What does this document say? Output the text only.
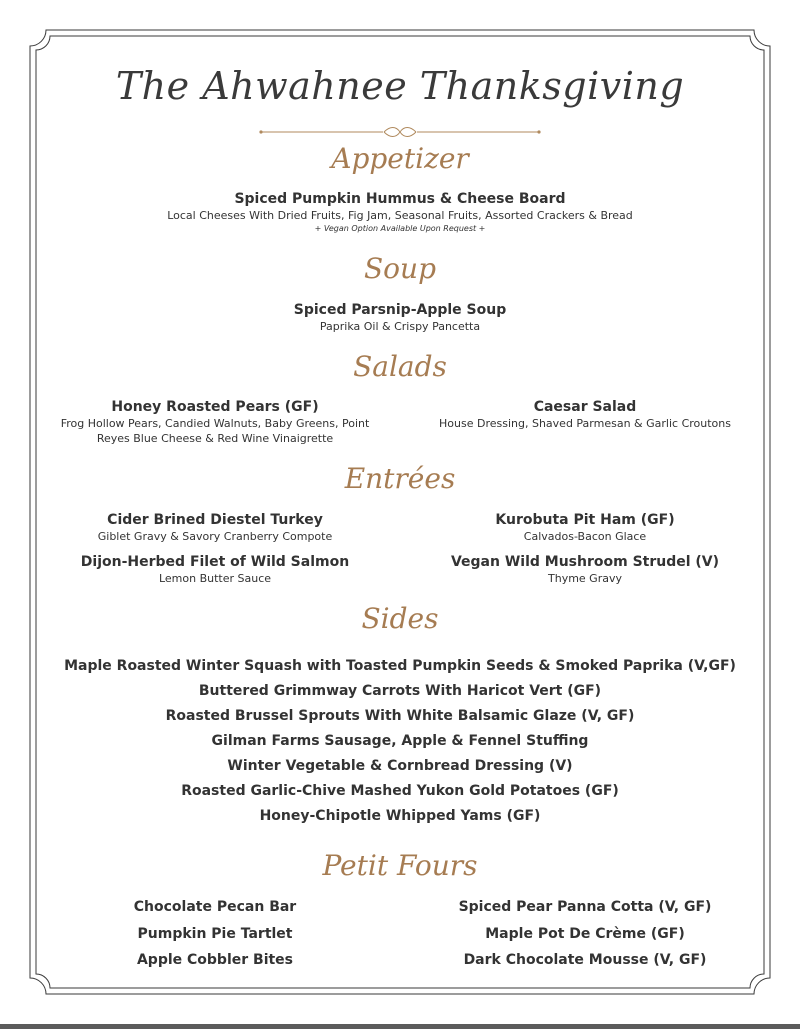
The Ahwahnee Thanksgiving
Appetizer
Spiced Pumpkin Hummus & Cheese Board
Local Cheeses With Dried Fruits, Fig Jam, Seasonal Fruits, Assorted Crackers & Bread
+ Vegan Option Available Upon Request +
Soup
Spiced Parsnip-Apple Soup
Paprika Oil & Crispy Pancetta
Salads
Honey Roasted Pears (GF)
Frog Hollow Pears, Candied Walnuts, Baby Greens, Point
Reyes Blue Cheese & Red Wine Vinaigrette
Caesar Salad
House Dressing, Shaved Parmesan & Garlic Croutons
Entrées
Cider Brined Diestel Turkey
Giblet Gravy & Savory Cranberry Compote
Kurobuta Pit Ham (GF)
Calvados-Bacon Glace
Dijon-Herbed Filet of Wild Salmon
Lemon Butter Sauce
Vegan Wild Mushroom Strudel (V)
Thyme Gravy
Sides
Maple Roasted Winter Squash with Toasted Pumpkin Seeds & Smoked Paprika (V,GF)
Buttered Grimmway Carrots With Haricot Vert (GF)
Roasted Brussel Sprouts With White Balsamic Glaze (V, GF)
Gilman Farms Sausage, Apple & Fennel Stuffing
Winter Vegetable & Cornbread Dressing (V)
Roasted Garlic-Chive Mashed Yukon Gold Potatoes (GF)
Honey-Chipotle Whipped Yams (GF)
Petit Fours
Chocolate Pecan Bar
Pumpkin Pie Tartlet
Apple Cobbler Bites
Spiced Pear Panna Cotta (V, GF)
Maple Pot De Crème (GF)
Dark Chocolate Mousse (V, GF)
